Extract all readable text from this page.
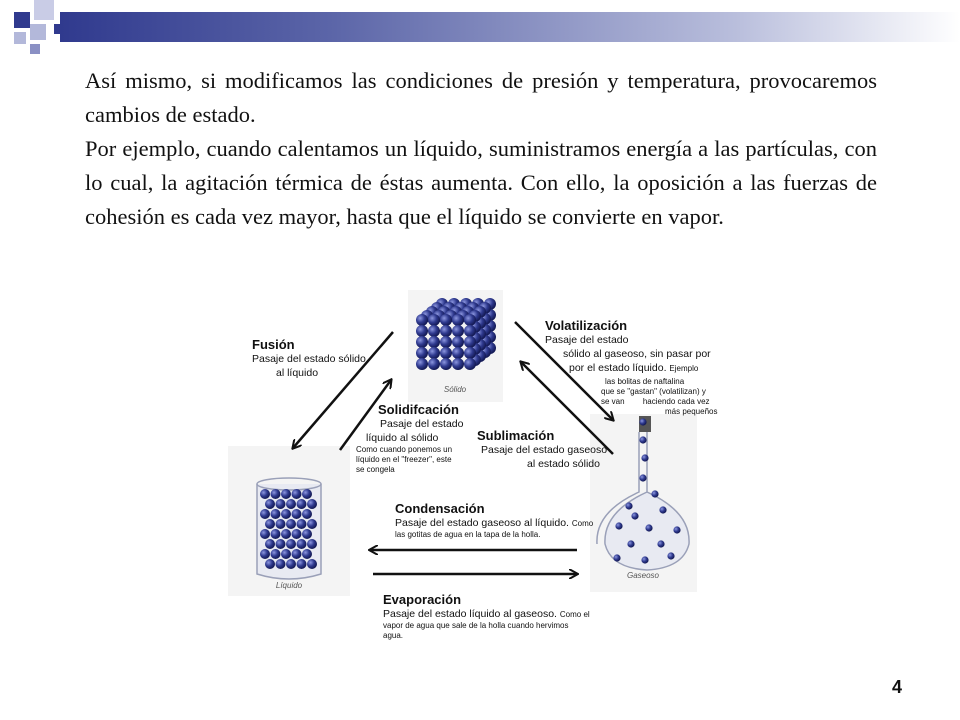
Así mismo, si modificamos las condiciones de presión y temperatura, provocaremos cambios de estado.

Por ejemplo, cuando calentamos un líquido, suministramos energía a las partículas, con lo cual, la agitación térmica de éstas aumenta. Con ello, la oposición a las fuerzas de cohesión es cada vez mayor, hasta que el líquido se convierte en vapor.

Sólido
Líquido
Gaseoso
Fusión
Pasaje del estado sólido
al líquido
Solidifcación
Pasaje del estado
líquido al sólido
Como cuando ponemos un
líquido en el "freezer", este
se congela
Volatilización
Pasaje del estado
sólido al gaseoso, sin pasar por
por el estado líquido. Ejemplo
las bolitas de naftalina
que se "gastan" (volatilizan) y
se van haciendo cada vez
más pequeños
Sublimación
Pasaje del estado gaseoso
al estado sólido
Condensación
Pasaje del estado gaseoso al líquido. Como
las gotitas de agua en la tapa de la holla.
Evaporación
Pasaje del estado líquido al gaseoso. Como el
vapor de agua que sale de la holla cuando hervimos
agua.
4
